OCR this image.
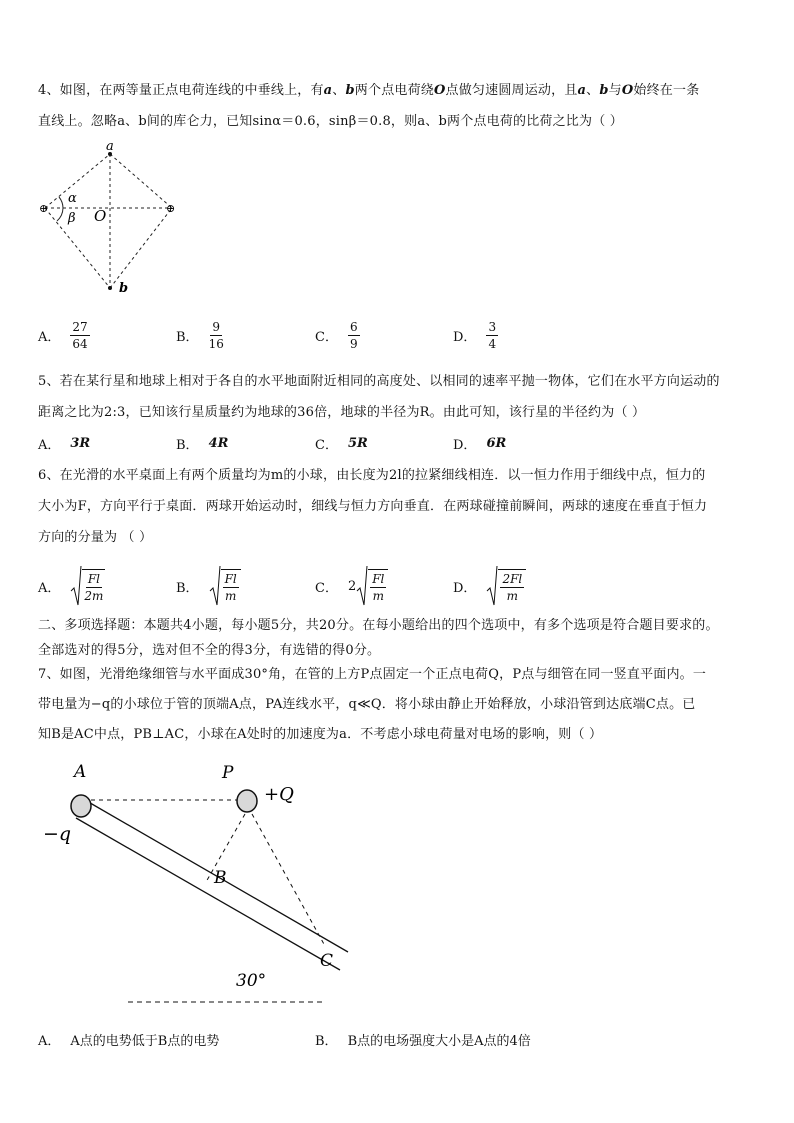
4、如图，在两等量正点电荷连线的中垂线上，有a、b两个点电荷绕O点做匀速圆周运动，且a、b与O始终在一条
直线上。忽略a、b间的库仑力，已知sinα＝0.6，sinβ＝0.8，则a、b两个点电荷的比荷之比为（ ）
a
b
O
α
β
⊕	⊕
A． $\frac{27}{64}$	B． $\frac{9}{16}$	C． $\frac{6}{9}$	D． $\frac{3}{4}$
5、若在某行星和地球上相对于各自的水平地面附近相同的高度处、以相同的速率平抛一物体，它们在水平方向运动的
距离之比为2:3，已知该行星质量约为地球的36倍，地球的半径为R。由此可知，该行星的半径约为（ ）
A． 3R	B． 4R	C． 5R	D． 6R
6、在光滑的水平桌面上有两个质量均为m的小球，由长度为2l的拉紧细线相连．以一恒力作用于细线中点，恒力的
大小为F，方向平行于桌面．两球开始运动时，细线与恒力方向垂直．在两球碰撞前瞬间，两球的速度在垂直于恒力
方向的分量为 （ ）
A． $\frac{Fl}{2m}$	B． $\frac{Fl}{m}$	C． $2 \frac{Fl}{m}$	D． $\frac{2Fl}{m}$
二、多项选择题：本题共4小题，每小题5分，共20分。在每小题给出的四个选项中，有多个选项是符合题目要求的。
全部选对的得5分，选对但不全的得3分，有选错的得0分。
7、如图，光滑绝缘细管与水平面成30°角，在管的上方P点固定一个正点电荷Q，P点与细管在同一竖直平面内。一
带电量为−q的小球位于管的顶端A点，PA连线水平，q≪Q．将小球由静止开始释放，小球沿管到达底端C点。已
知B是AC中点，PB⊥AC，小球在A处时的加速度为a．不考虑小球电荷量对电场的影响，则（ ）
A	P
+Q
−q
B
C
30°
A． A点的电势低于B点的电势	B． B点的电场强度大小是A点的4倍
